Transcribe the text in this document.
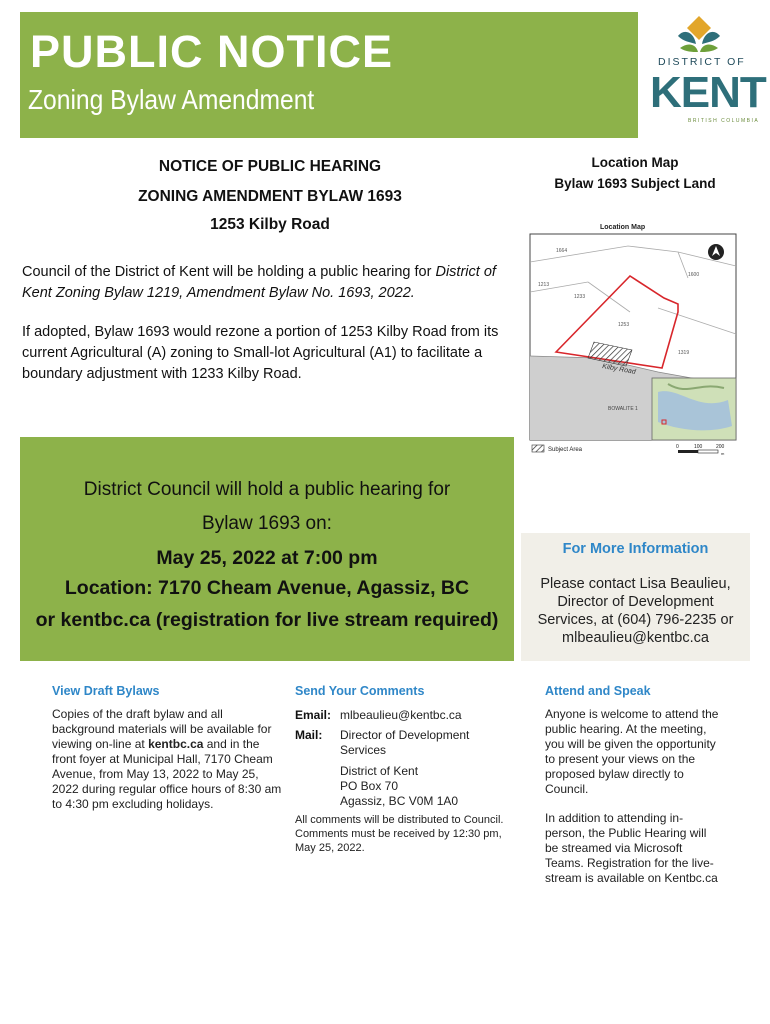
PUBLIC NOTICE
Zoning Bylaw Amendment
DISTRICT OF
KENT
BRITISH COLUMBIA
NOTICE OF PUBLIC HEARING
ZONING AMENDMENT BYLAW 1693
1253 Kilby Road
Council of the District of Kent will be holding a public hearing for District of Kent Zoning Bylaw 1219, Amendment Bylaw No. 1693, 2022.
If adopted, Bylaw 1693 would rezone a portion of 1253 Kilby Road from its current Agricultural (A) zoning to Small-lot Agricultural (A1) to facilitate a boundary adjustment with 1233 Kilby Road.
Location Map
Bylaw 1693 Subject Land
Location Map
1664
1600
1213
1233
1253
1319
Kilby Road
BOWALITE 1
Subject Area	0	100	200
m
District Council will hold a public hearing for
Bylaw 1693 on:
May 25, 2022 at 7:00 pm
Location: 7170 Cheam Avenue, Agassiz, BC
or kentbc.ca (registration for live stream required)
For More Information
Please contact Lisa Beaulieu, Director of Development Services, at (604) 796-2235 or mlbeaulieu@kentbc.ca
View Draft Bylaws
Copies of the draft bylaw and all background materials will be available for viewing on-line at kentbc.ca and in the front foyer at Municipal Hall, 7170 Cheam Avenue, from May 13, 2022 to May 25, 2022 during regular office hours of 8:30 am to 4:30 pm excluding holidays.
Send Your Comments
Email: mlbeaulieu@kentbc.ca
Mail: Director of Development
Services
District of Kent
PO Box 70
Agassiz, BC V0M 1A0
All comments will be distributed to Council. Comments must be received by 12:30 pm, May 25, 2022.
Attend and Speak
Anyone is welcome to attend the public hearing. At the meeting, you will be given the opportunity to present your views on the proposed bylaw directly to Council.
In addition to attending in-person, the Public Hearing will be streamed via Microsoft Teams. Registration for the live-stream is available on Kentbc.ca
